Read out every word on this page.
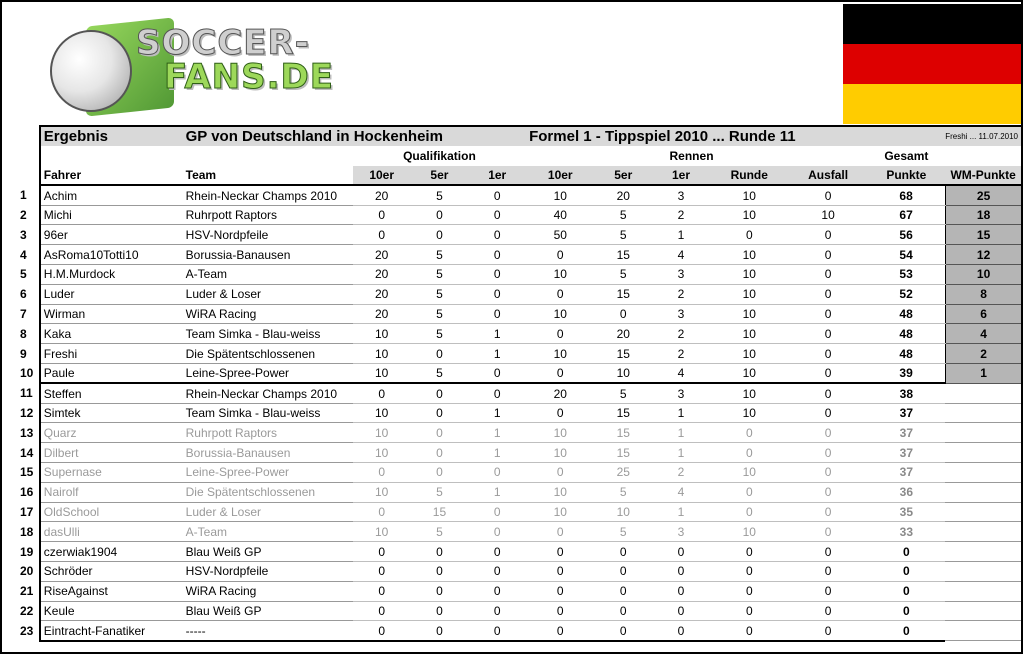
SOCCER-
FANS.DE
	Ergebnis	GP von Deutschland in Hockenheim				Formel 1 - Tippspiel 2010 ... Runde 11					Freshi ... 11.07.2010	
			Qualifikation				Rennen				Gesamt	
	Fahrer	Team	10er	5er	1er	10er	5er	1er	Runde	Ausfall	Punkte	WM-Punkte
1	Achim	Rhein-Neckar Champs 2010	20	5	0	10	20	3	10	0	68	25
2	Michi	Ruhrpott Raptors	0	0	0	40	5	2	10	10	67	18
3	96er	HSV-Nordpfeile	0	0	0	50	5	1	0	0	56	15
4	AsRoma10Totti10	Borussia-Banausen	20	5	0	0	15	4	10	0	54	12
5	H.M.Murdock	A-Team	20	5	0	10	5	3	10	0	53	10
6	Luder	Luder & Loser	20	5	0	0	15	2	10	0	52	8
7	Wirman	WiRA Racing	20	5	0	10	0	3	10	0	48	6
8	Kaka	Team Simka - Blau-weiss	10	5	1	0	20	2	10	0	48	4
9	Freshi	Die Spätentschlossenen	10	0	1	10	15	2	10	0	48	2
10	Paule	Leine-Spree-Power	10	5	0	0	10	4	10	0	39	1
11	Steffen	Rhein-Neckar Champs 2010	0	0	0	20	5	3	10	0	38	
12	Simtek	Team Simka - Blau-weiss	10	0	1	0	15	1	10	0	37	
13	Quarz	Ruhrpott Raptors	10	0	1	10	15	1	0	0	37	
14	Dilbert	Borussia-Banausen	10	0	1	10	15	1	0	0	37	
15	Supernase	Leine-Spree-Power	0	0	0	0	25	2	10	0	37	
16	Nairolf	Die Spätentschlossenen	10	5	1	10	5	4	0	0	36	
17	OldSchool	Luder & Loser	0	15	0	10	10	1	0	0	35	
18	dasUlli	A-Team	10	5	0	0	5	3	10	0	33	
19	czerwiak1904	Blau Weiß GP	0	0	0	0	0	0	0	0	0	
20	Schröder	HSV-Nordpfeile	0	0	0	0	0	0	0	0	0	
21	RiseAgainst	WiRA Racing	0	0	0	0	0	0	0	0	0	
22	Keule	Blau Weiß GP	0	0	0	0	0	0	0	0	0	
23	Eintracht-Fanatiker	-----	0	0	0	0	0	0	0	0	0	
